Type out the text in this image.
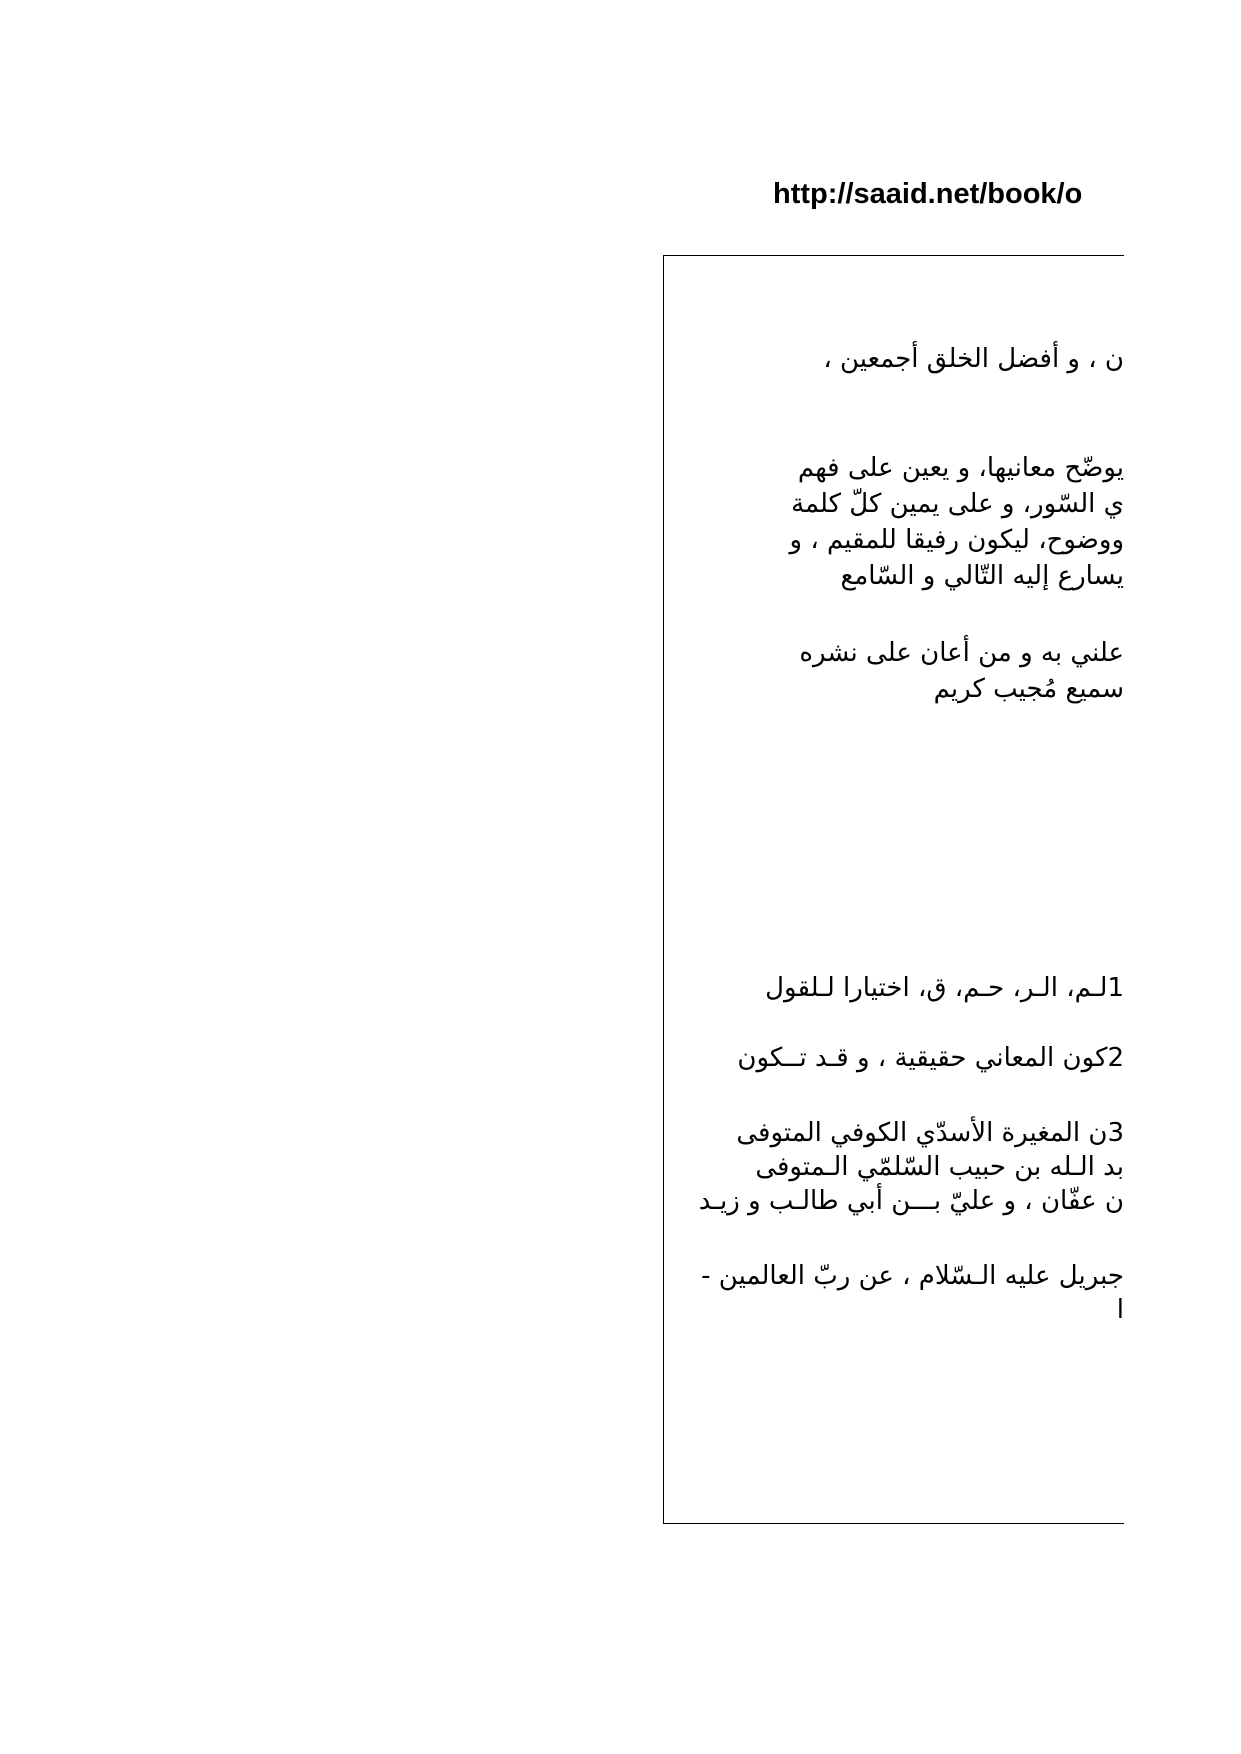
http://saaid.net/book/o
ن ، و أفضل الخلق أجمعين ،
يوضّح معانيها، و يعين على فهم
ي السّور، و على يمين كلّ كلمة
ووضوح، ليكون رفيقا للمقيم ، و
يسارع إليه التّالي و السّامع
علني به و من أعان على نشره
سميع مُجيب كريم
1لـم، الـر، حـم، ق، اختيارا لـلقول
2كون المعاني حقيقية ، و قـد تــكون
3ن المغيرة الأسدّي الكوفي المتوفى
بد الـله بن حبيب السّلمّي الـمتوفى
ن عفّان ، و عليّ بـــن أبي طالـب و زيـد
جبريل عليه الـسّلام ، عن ربّ العالمين -
ا
